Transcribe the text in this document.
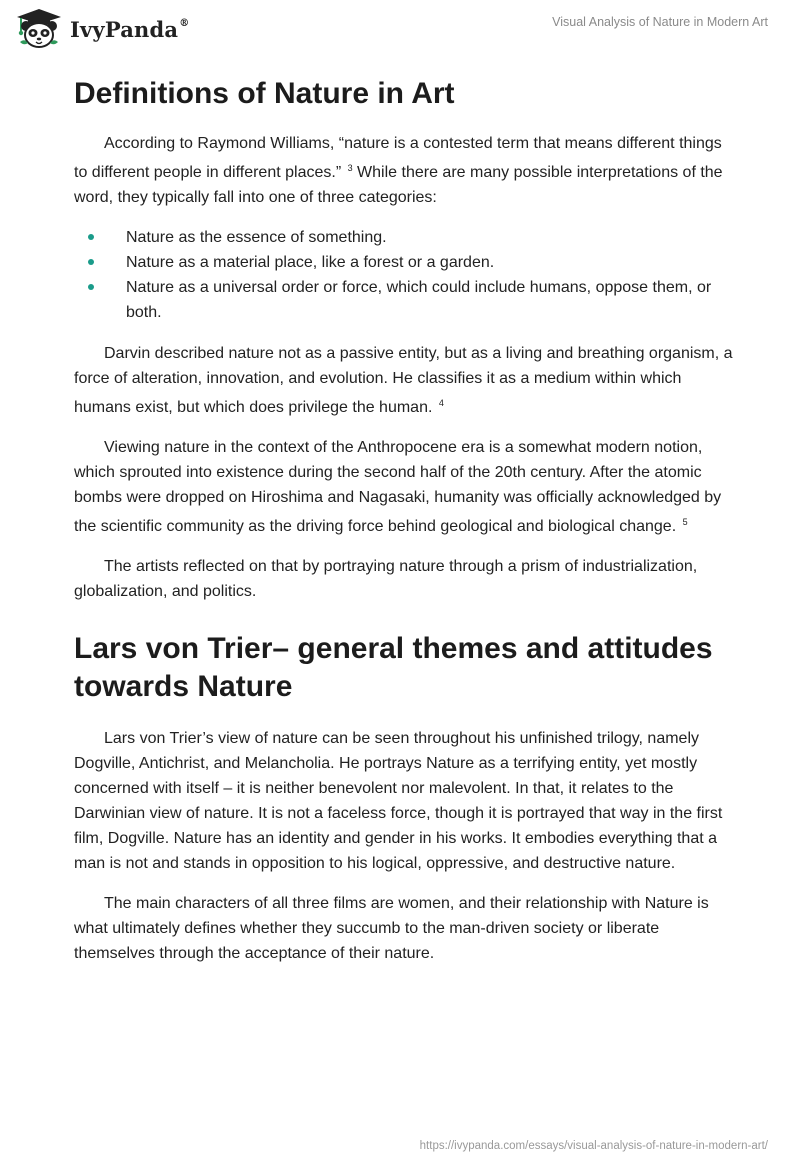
IvyPanda®	Visual Analysis of Nature in Modern Art
Definitions of Nature in Art

According to Raymond Williams, “nature is a contested term that means different things to different people in different places.” $^3$ While there are many possible interpretations of the word, they typically fall into one of three categories:

Nature as the essence of something.
Nature as a material place, like a forest or a garden.
Nature as a universal order or force, which could include humans, oppose them, or both.

Darvin described nature not as a passive entity, but as a living and breathing organism, a force of alteration, innovation, and evolution. He classifies it as a medium within which humans exist, but which does privilege the human. $^4$

Viewing nature in the context of the Anthropocene era is a somewhat modern notion, which sprouted into existence during the second half of the 20th century. After the atomic bombs were dropped on Hiroshima and Nagasaki, humanity was officially acknowledged by the scientific community as the driving force behind geological and biological change. $^5$

The artists reflected on that by portraying nature through a prism of industrialization, globalization, and politics.

Lars von Trier– general themes and attitudes towards Nature

Lars von Trier’s view of nature can be seen throughout his unfinished trilogy, namely Dogville, Antichrist, and Melancholia. He portrays Nature as a terrifying entity, yet mostly concerned with itself – it is neither benevolent nor malevolent. In that, it relates to the Darwinian view of nature. It is not a faceless force, though it is portrayed that way in the first film, Dogville. Nature has an identity and gender in his works. It embodies everything that a man is not and stands in opposition to his logical, oppressive, and destructive nature.

The main characters of all three films are women, and their relationship with Nature is what ultimately defines whether they succumb to the man-driven society or liberate themselves through the acceptance of their nature.

https://ivypanda.com/essays/visual-analysis-of-nature-in-modern-art/
